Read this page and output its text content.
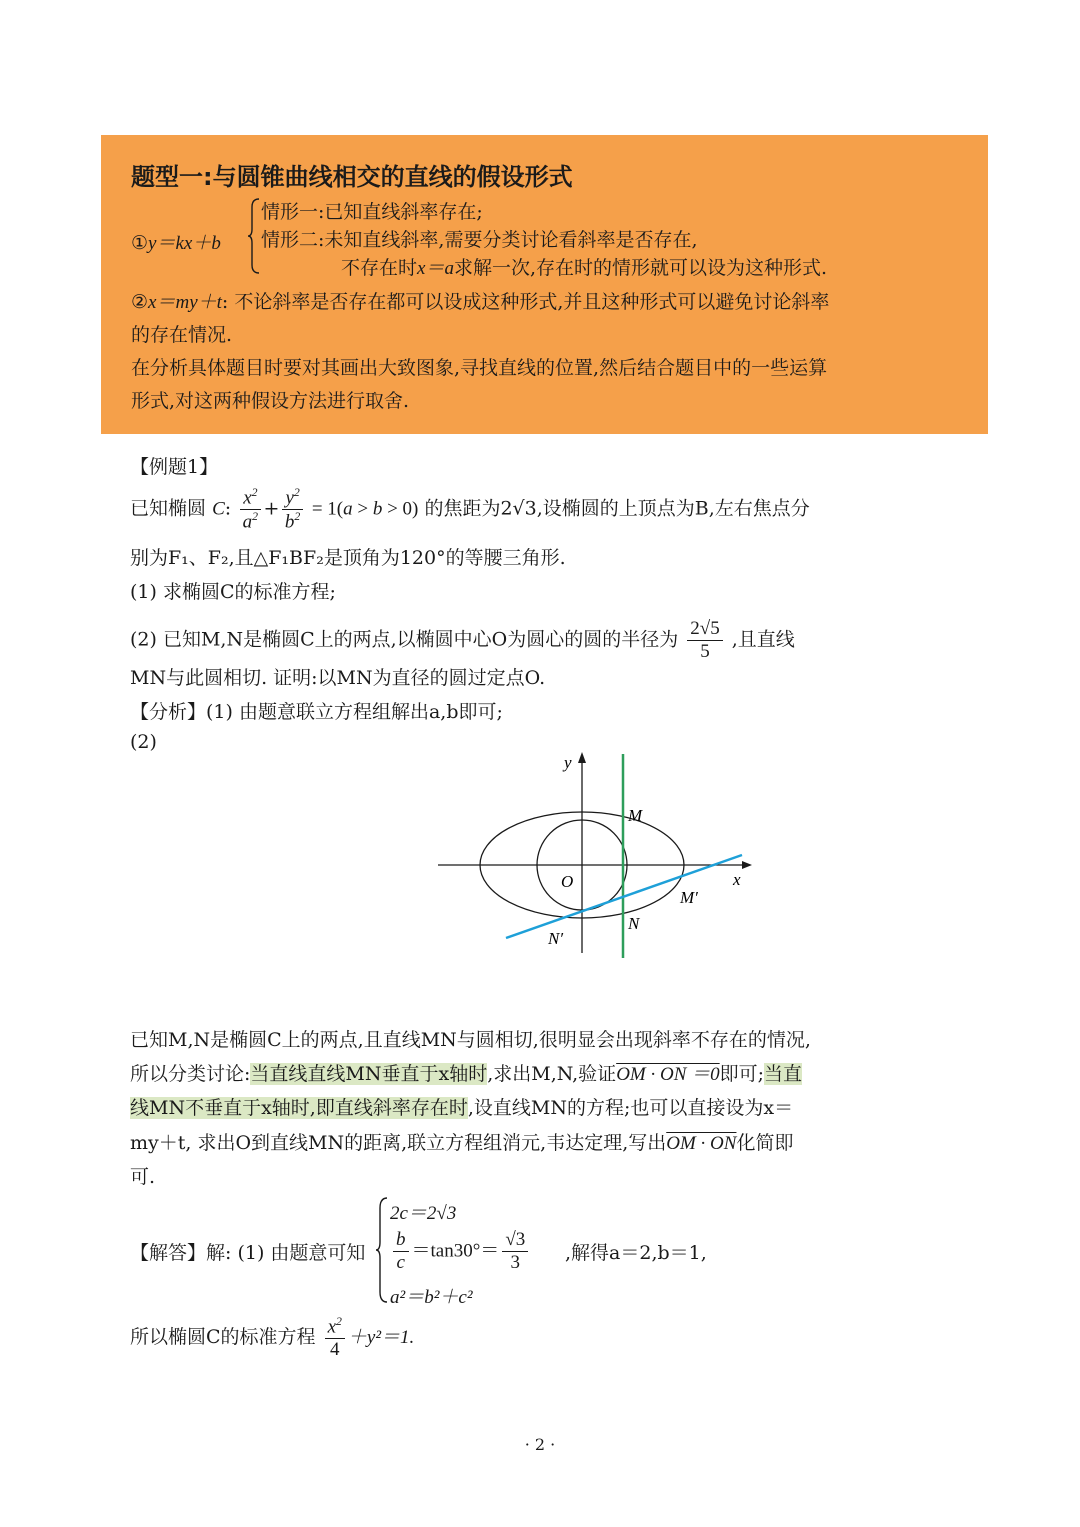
题型一:与圆锥曲线相交的直线的假设形式
①y＝kx＋b
情形一:已知直线斜率存在;
情形二:未知直线斜率,需要分类讨论看斜率是否存在,
不存在时x＝a求解一次,存在时的情形就可以设为这种形式.
②x＝my＋t: 不论斜率是否存在都可以设成这种形式,并且这种形式可以避免讨论斜率
的存在情况.
在分析具体题目时要对其画出大致图象,寻找直线的位置,然后结合题目中的一些运算
形式,对这两种假设方法进行取舍.
【例题1】
已知椭圆 C: $\frac{x^2}{a^2} + \frac{y^2}{b^2} = 1(a > b > 0)$ 的焦距为2√3,设椭圆的上顶点为B,左右焦点分
别为F₁、F₂,且△F₁BF₂是顶角为120°的等腰三角形.
(1) 求椭圆C的标准方程;
(2) 已知M,N是椭圆C上的两点,以椭圆中心O为圆心的圆的半径为 $\frac{2√5}{5}$ ,且直线
MN与此圆相切. 证明:以MN为直径的圆过定点O.
【分析】(1) 由题意联立方程组解出a,b即可;
(2)
y
x
O
M
N
M′
N′
已知M,N是椭圆C上的两点,且直线MN与圆相切,很明显会出现斜率不存在的情况,
所以分类讨论:当直线直线MN垂直于x轴时,求出M,N,验证OM · ON ＝0即可;当直
线MN不垂直于x轴时,即直线斜率存在时,设直线MN的方程;也可以直接设为x＝
my＋t, 求出O到直线MN的距离,联立方程组消元,韦达定理,写出OM · ON化简即
可.
【解答】解: (1) 由题意可知
2c＝2√3
$\frac{b}{c} =\tan 30^\circ= \frac{√3}{3}$
a²＝b²＋c²
,解得a＝2,b＝1,
所以椭圆C的标准方程 $\frac{x^2}{4} +y^2=1$.
· 2 ·
